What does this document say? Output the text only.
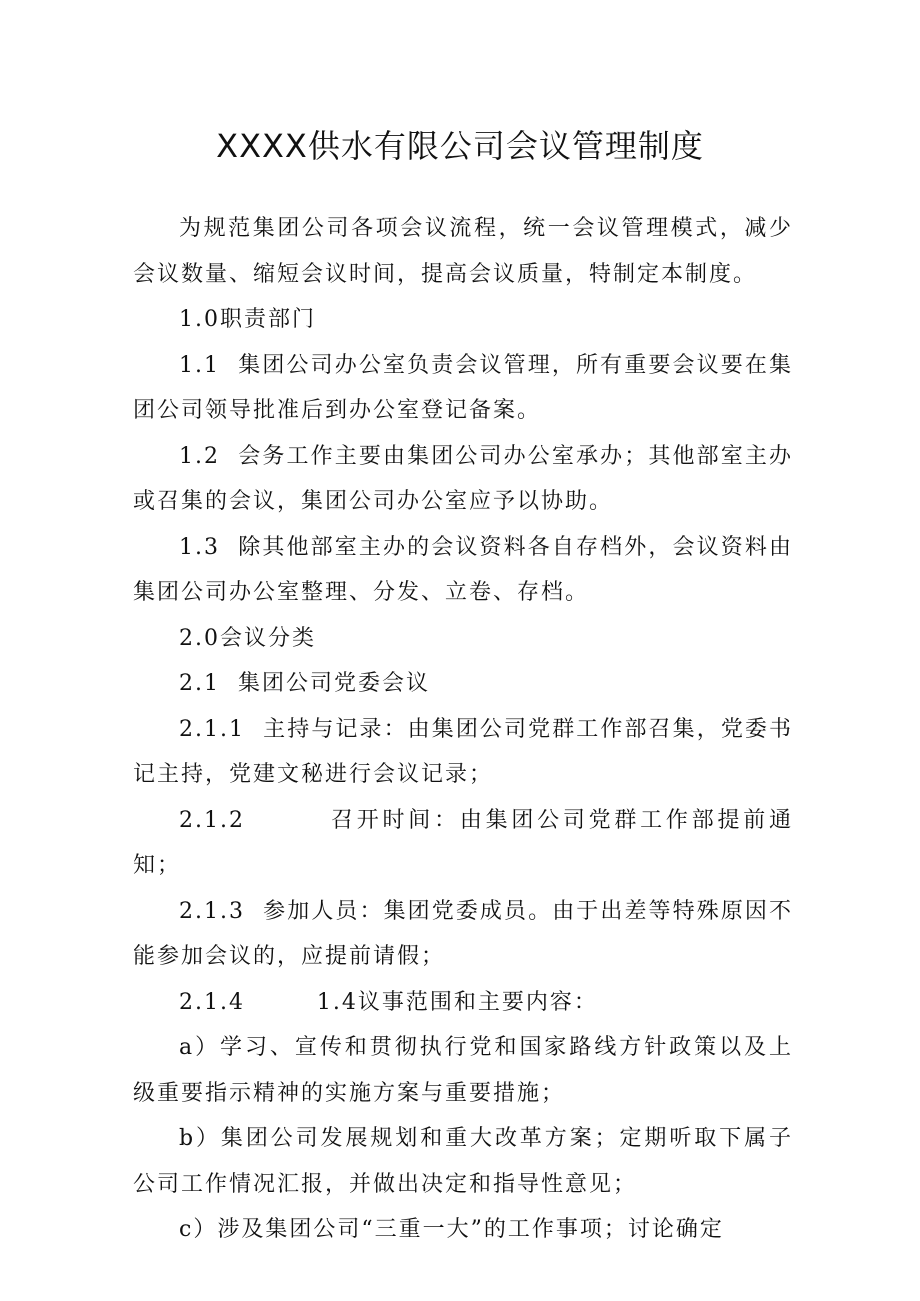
XXXX供水有限公司会议管理制度

为规范集团公司各项会议流程，统一会议管理模式，减少会议数量、缩短会议时间，提高会议质量，特制定本制度。

1.0职责部门

1.1  集团公司办公室负责会议管理，所有重要会议要在集团公司领导批准后到办公室登记备案。

1.2  会务工作主要由集团公司办公室承办；其他部室主办或召集的会议，集团公司办公室应予以协助。

1.3  除其他部室主办的会议资料各自存档外，会议资料由集团公司办公室整理、分发、立卷、存档。

2.0会议分类

2.1  集团公司党委会议

2.1.1  主持与记录：由集团公司党群工作部召集，党委书记主持，党建文秘进行会议记录；

2.1.2        召开时间：由集团公司党群工作部提前通知；

2.1.3  参加人员：集团党委成员。由于出差等特殊原因不能参加会议的，应提前请假；

2.1.4        1.4议事范围和主要内容：

a）学习、宣传和贯彻执行党和国家路线方针政策以及上级重要指示精神的实施方案与重要措施；

b）集团公司发展规划和重大改革方案；定期听取下属子公司工作情况汇报，并做出决定和指导性意见；

c）涉及集团公司“三重一大”的工作事项；讨论确定
